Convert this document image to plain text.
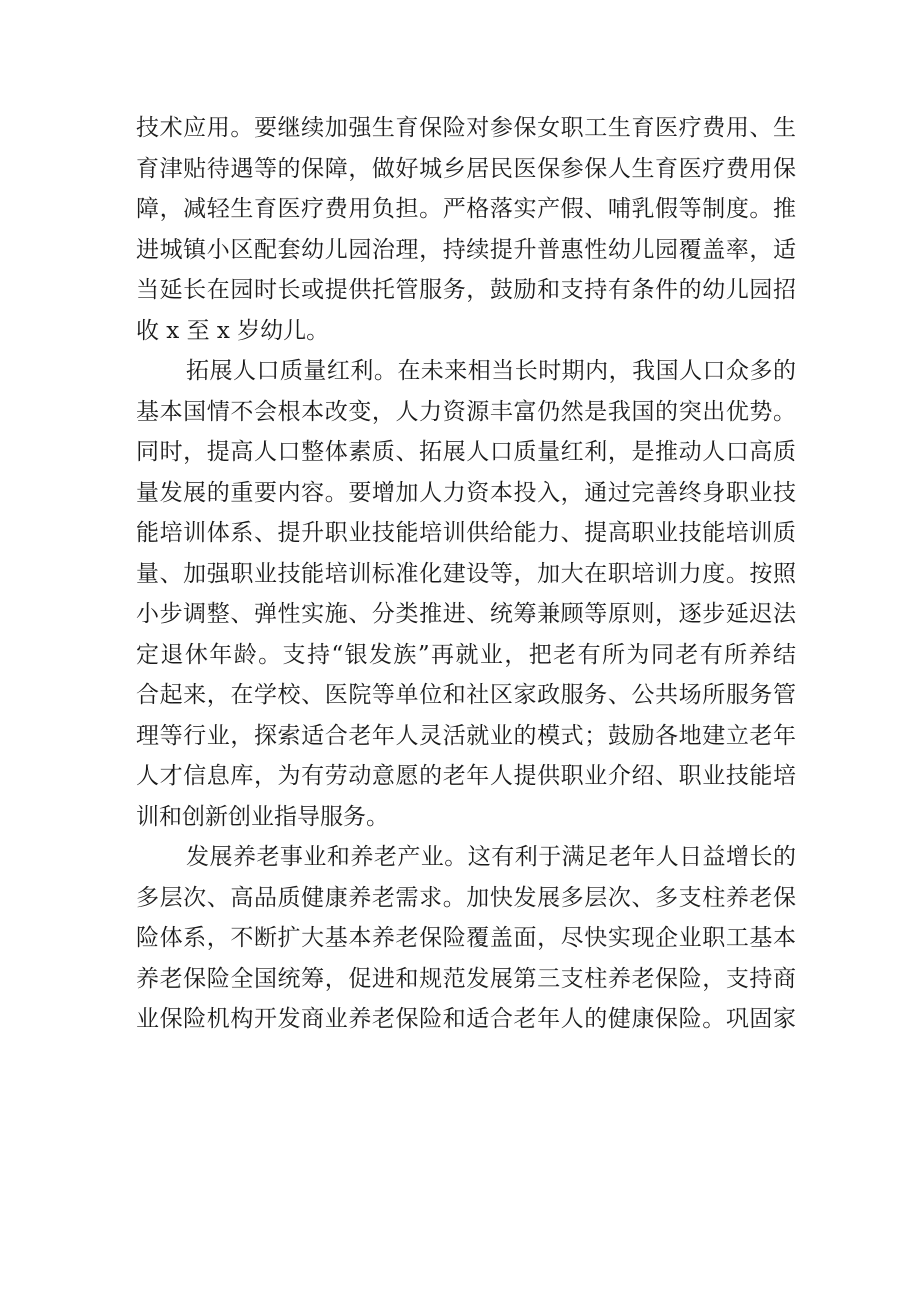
技术应用。要继续加强生育保险对参保女职工生育医疗费用、生
育津贴待遇等的保障，做好城乡居民医保参保人生育医疗费用保
障，减轻生育医疗费用负担。严格落实产假、哺乳假等制度。推
进城镇小区配套幼儿园治理，持续提升普惠性幼儿园覆盖率，适
当延长在园时长或提供托管服务，鼓励和支持有条件的幼儿园招
收 x 至 x 岁幼儿。
拓展人口质量红利。在未来相当长时期内，我国人口众多的
基本国情不会根本改变，人力资源丰富仍然是我国的突出优势。
同时，提高人口整体素质、拓展人口质量红利，是推动人口高质
量发展的重要内容。要增加人力资本投入，通过完善终身职业技
能培训体系、提升职业技能培训供给能力、提高职业技能培训质
量、加强职业技能培训标准化建设等，加大在职培训力度。按照
小步调整、弹性实施、分类推进、统筹兼顾等原则，逐步延迟法
定退休年龄。支持“银发族”再就业，把老有所为同老有所养结
合起来，在学校、医院等单位和社区家政服务、公共场所服务管
理等行业，探索适合老年人灵活就业的模式；鼓励各地建立老年
人才信息库，为有劳动意愿的老年人提供职业介绍、职业技能培
训和创新创业指导服务。
发展养老事业和养老产业。这有利于满足老年人日益增长的
多层次、高品质健康养老需求。加快发展多层次、多支柱养老保
险体系，不断扩大基本养老保险覆盖面，尽快实现企业职工基本
养老保险全国统筹，促进和规范发展第三支柱养老保险，支持商
业保险机构开发商业养老保险和适合老年人的健康保险。巩固家
